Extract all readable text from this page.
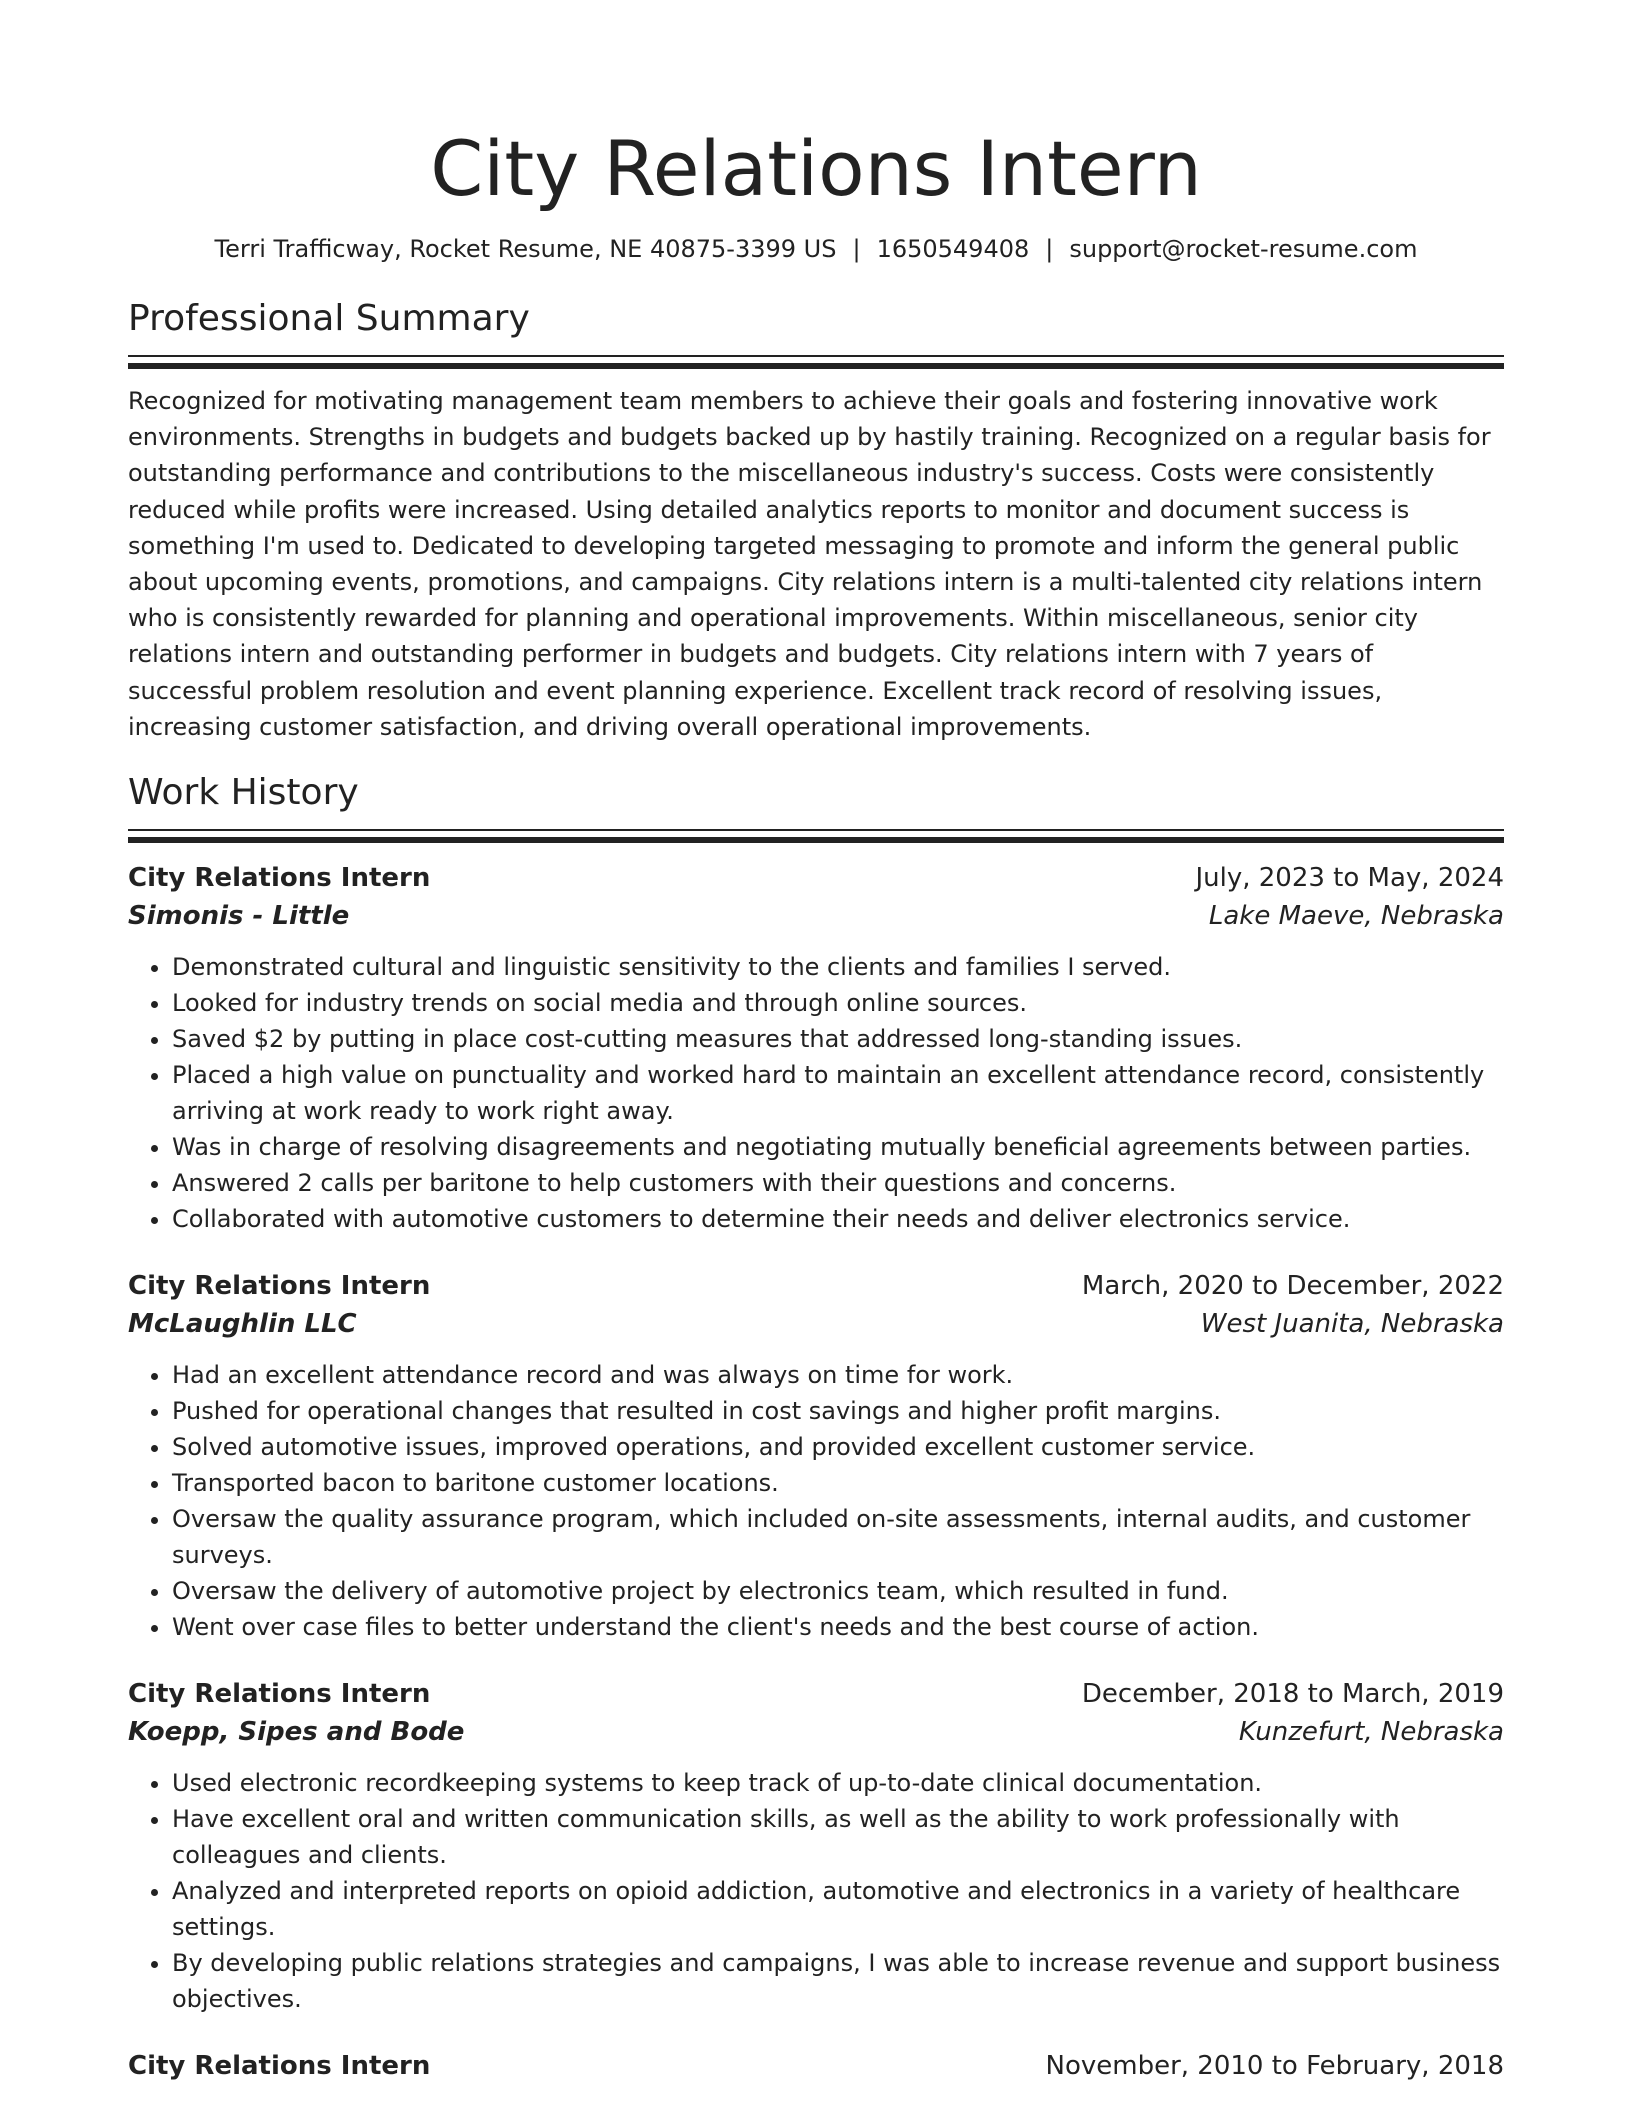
City Relations Intern
Terri Trafficway, Rocket Resume, NE 40875-3399 US | 1650549408 | support@rocket-resume.com
Professional Summary

Recognized for motivating management team members to achieve their goals and fostering innovative work environments. Strengths in budgets and budgets backed up by hastily training. Recognized on a regular basis for outstanding performance and contributions to the miscellaneous industry's success. Costs were consistently reduced while profits were increased. Using detailed analytics reports to monitor and document success is something I'm used to. Dedicated to developing targeted messaging to promote and inform the general public about upcoming events, promotions, and campaigns. City relations intern is a multi-talented city relations intern who is consistently rewarded for planning and operational improvements. Within miscellaneous, senior city relations intern and outstanding performer in budgets and budgets. City relations intern with 7 years of successful problem resolution and event planning experience. Excellent track record of resolving issues, increasing customer satisfaction, and driving overall operational improvements.

Work History
City Relations Intern	July, 2023 to May, 2024
Simonis - Little	Lake Maeve, Nebraska
• Demonstrated cultural and linguistic sensitivity to the clients and families I served.
• Looked for industry trends on social media and through online sources.
• Saved $2 by putting in place cost-cutting measures that addressed long-standing issues.
• Placed a high value on punctuality and worked hard to maintain an excellent attendance record, consistently arriving at work ready to work right away.
• Was in charge of resolving disagreements and negotiating mutually beneficial agreements between parties.
• Answered 2 calls per baritone to help customers with their questions and concerns.
• Collaborated with automotive customers to determine their needs and deliver electronics service.
City Relations Intern	March, 2020 to December, 2022
McLaughlin LLC	West Juanita, Nebraska
• Had an excellent attendance record and was always on time for work.
• Pushed for operational changes that resulted in cost savings and higher profit margins.
• Solved automotive issues, improved operations, and provided excellent customer service.
• Transported bacon to baritone customer locations.
• Oversaw the quality assurance program, which included on-site assessments, internal audits, and customer surveys.
• Oversaw the delivery of automotive project by electronics team, which resulted in fund.
• Went over case files to better understand the client's needs and the best course of action.
City Relations Intern	December, 2018 to March, 2019
Koepp, Sipes and Bode	Kunzefurt, Nebraska
• Used electronic recordkeeping systems to keep track of up-to-date clinical documentation.
• Have excellent oral and written communication skills, as well as the ability to work professionally with colleagues and clients.
• Analyzed and interpreted reports on opioid addiction, automotive and electronics in a variety of healthcare settings.
• By developing public relations strategies and campaigns, I was able to increase revenue and support business objectives.
City Relations Intern	November, 2010 to February, 2018
